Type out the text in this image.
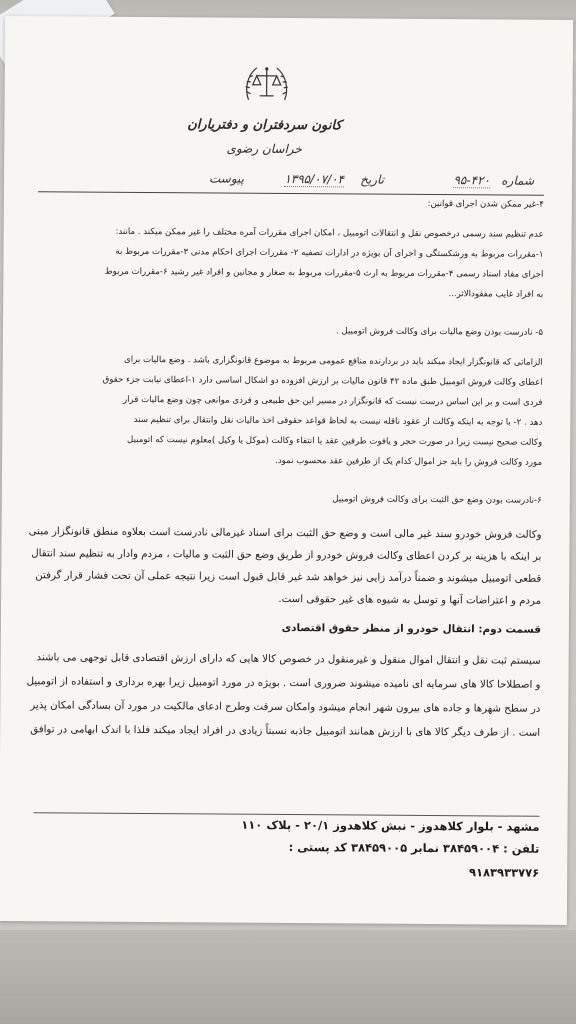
کانون سردفتران و دفتریاران
خراسان رضوی
شماره
۹۵-۴۲۰
تاریخ
۱۳۹۵/۰۷/۰۴
پیوست
۴-غیر ممکن شدن اجرای قوانین:
عدم تنظیم سند رسمی درخصوص نقل و انتقالات اتومبیل ، امکان اجرای مقررات آمره مختلف را غیر ممکن میکند . مانند:
۱-مقررات مربوط به ورشکستگی و اجرای آن بویژه در ادارات تصفیه ۲- مقررات اجرای احکام مدنی ۳-مقررات مربوط به
اجرای مفاد اسناد رسمی ۴-مقررات مربوط به ارث ۵-مقررات مربوط به صغار و مجانین و افراد غیر رشید ۶-مقررات مربوط
به افراد غایب مفقودالاثر...
۵- نادرست بودن وضع مالیات برای وکالت فروش اتومبیل .
الزاماتی که قانونگزار ایجاد میکند باید در بردارنده منافع عمومی مربوط به موضوع قانونگزاری باشد . وضع مالیات برای
اعطای وکالت فروش اتومبیل طبق ماده ۴۲ قانون مالیات بر ارزش افزوده دو اشکال اساسی دارد ۱-اعطای نیابت جزء حقوق
فردی است و بر این اساس درست نیست که قانونگزار در مسیر این حق طبیعی و فردی موانعی چون وضع مالیات قرار
دهد . ۲- با توجه به اینکه وکالت از عقود ناقله نیست به لحاظ قواعد حقوقی اخذ مالیات نقل وانتقال برای تنظیم سند
وکالت صحیح نیست زیرا در صورت حجر و یافوت طرفین عقد یا انتفاء وکالت (موکل یا وکیل )معلوم نیست که اتومبیل
مورد وکالت فروش را باید جز اموال کدام یک از طرفین عقد محسوب نمود.
۶-نادرست بودن وضع حق الثبت برای وکالت فروش اتومبیل
وکالت فروش خودرو سند غیر مالی است و وضع حق الثبت برای اسناد غیرمالی نادرست است بعلاوه منطق قانونگزار مبنی
بر اینکه با هزینه بر کردن اعطای وکالت فروش خودرو از طریق وضع حق الثبت و مالیات ، مردم وادار به تنظیم سند انتقال
قطعی اتومبیل میشوند و ضمناً درآمد زایی نیز خواهد شد غیر قابل قبول است زیرا نتیجه عملی آن تحت فشار قرار گرفتن
مردم و اعتراضات آنها و توسل به شیوه های غیر حقوقی است.
قسمت دوم: انتقال خودرو از منظر حقوق اقتصادی
سیستم ثبت نقل و انتقال اموال منقول و غیرمنقول در خصوص کالا هایی که دارای ارزش اقتصادی قابل توجهی می باشند
و اصطلاحا کالا های سرمایه ای نامیده میشوند ضروری است . بویژه در مورد اتومبیل زیرا بهره برداری و استفاده از اتومبیل
در سطح شهرها و جاده های بیرون شهر انجام میشود وامکان سرقت وطرح ادعای مالکیت در مورد آن بسادگی امکان پذیر
است . از طرف دیگر کالا های با ارزش همانند اتومبیل جاذبه نسبتاً زیادی در افراد ایجاد میکند فلذا با اندک ابهامی در توافق
مشهد - بلوار کلاهدوز - نبش کلاهدوز ۲۰/۱ - پلاک ۱۱۰
تلفن : ۳۸۴۵۹۰۰۴ نمابر ۳۸۴۵۹۰۰۵ کد پستی :
۹۱۸۳۹۳۳۷۷۶
